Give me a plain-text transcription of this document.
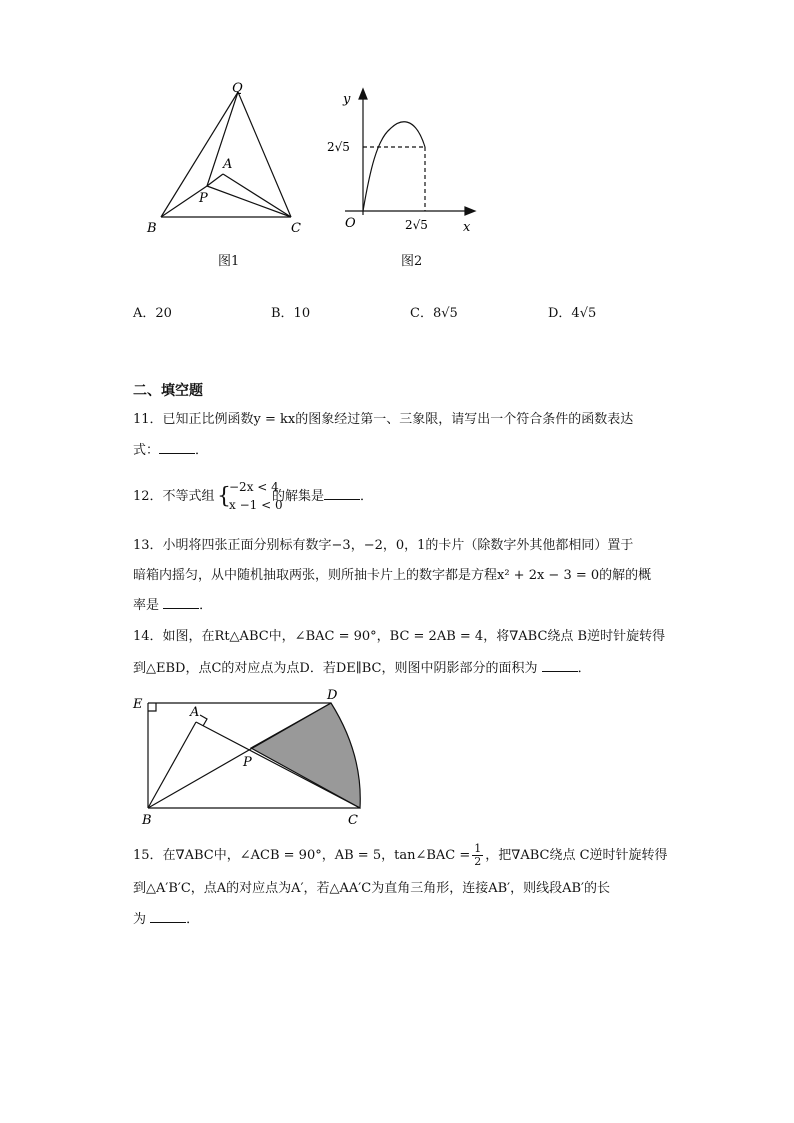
Q
A
P
B	C
图1
y
x
O
2√5
2√5
图2
A．20	B．10	C．8√5	D．4√5
二、填空题
11．已知正比例函数y = kx的图象经过第一、三象限，请写出一个符合条件的函数表达
式：	．
12．不等式组 {
−2x < 4
x −1 < 0
的解集是	．
13．小明将四张正面分别标有数字−3，−2，0，1的卡片（除数字外其他都相同）置于
暗箱内摇匀，从中随机抽取两张，则所抽卡片上的数字都是方程x² + 2x − 3 = 0的解的概
率是	．
14．如图，在Rt△ABC中，∠BAC = 90°，BC = 2AB = 4，将∇ABC绕点 B逆时针旋转得
到△EBD，点C的对应点为点D．若DE∥BC，则图中阴影部分的面积为	．
E
D
A
P
B	C
15．在∇ABC中，∠ACB = 90°，AB = 5，tan∠BAC = $\frac{1}{2}$ ，把∇ABC绕点 C逆时针旋转得
到△A′B′C，点A的对应点为A′，若△AA′C为直角三角形，连接AB′，则线段AB′的长
为	．
